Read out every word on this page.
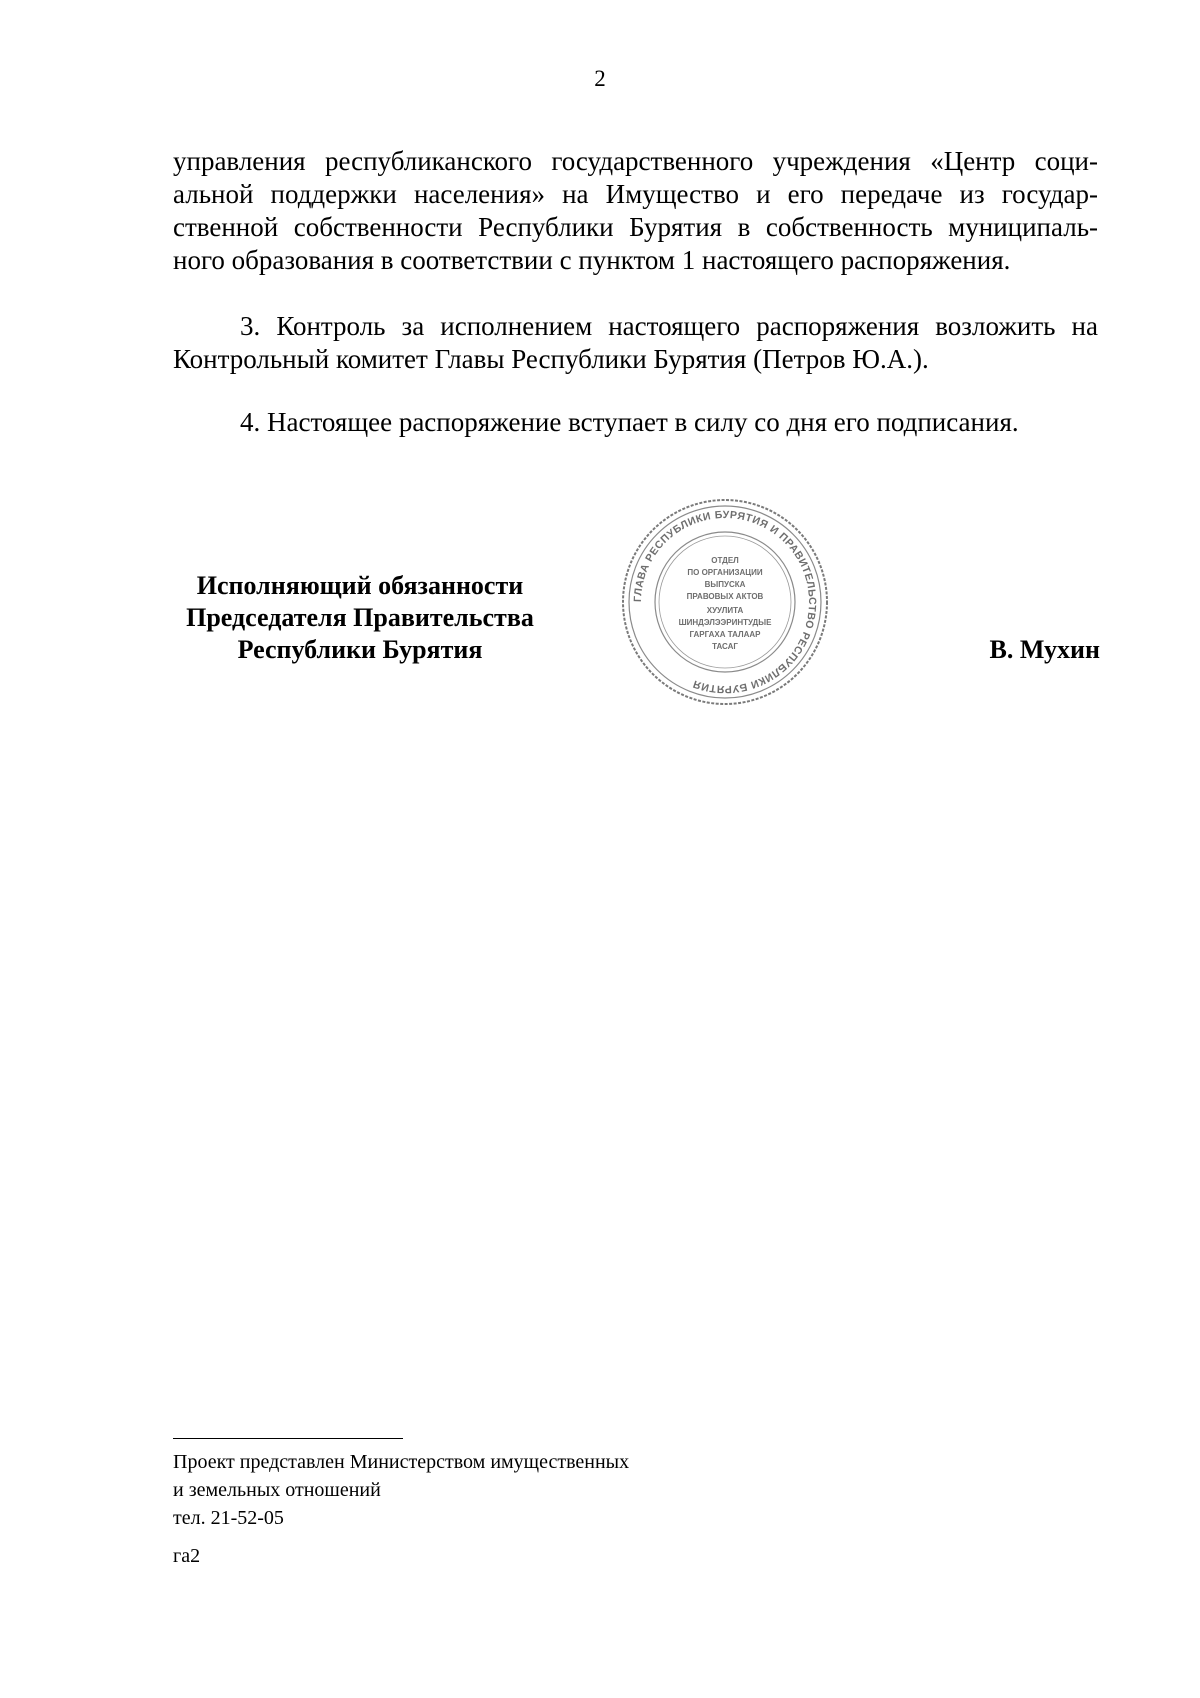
2

управления республиканского государственного учреждения «Центр соци-
альной поддержки населения» на Имущество и его передаче из государ-
ственной собственности Республики Бурятия в собственность муниципаль-
ного образования в соответствии с пунктом 1 настоящего распоряжения.

3. Контроль за исполнением настоящего распоряжения возложить на Контрольный комитет Главы Республики Бурятия (Петров Ю.А.).

4. Настоящее распоряжение вступает в силу со дня его подписания.

Исполняющий обязанности
Председателя Правительства
Республики Бурятия
ГЛАВА РЕСПУБЛИКИ БУРЯТИЯ И ПРАВИТЕЛЬСТВО РЕСПУБЛИКИ БУРЯТИЯ
ОТДЕЛ
ПО ОРГАНИЗАЦИИ
ВЫПУСКА
ПРАВОВЫХ АКТОВ
ХУУЛИТА
ШИНДЭЛЭЭРИНТУДЫЕ
ГАРГАХА ТАЛААР
ТАСАГ	В. Мухин
Проект представлен Министерством имущественных
и земельных отношений
тел. 21-52-05
га2
